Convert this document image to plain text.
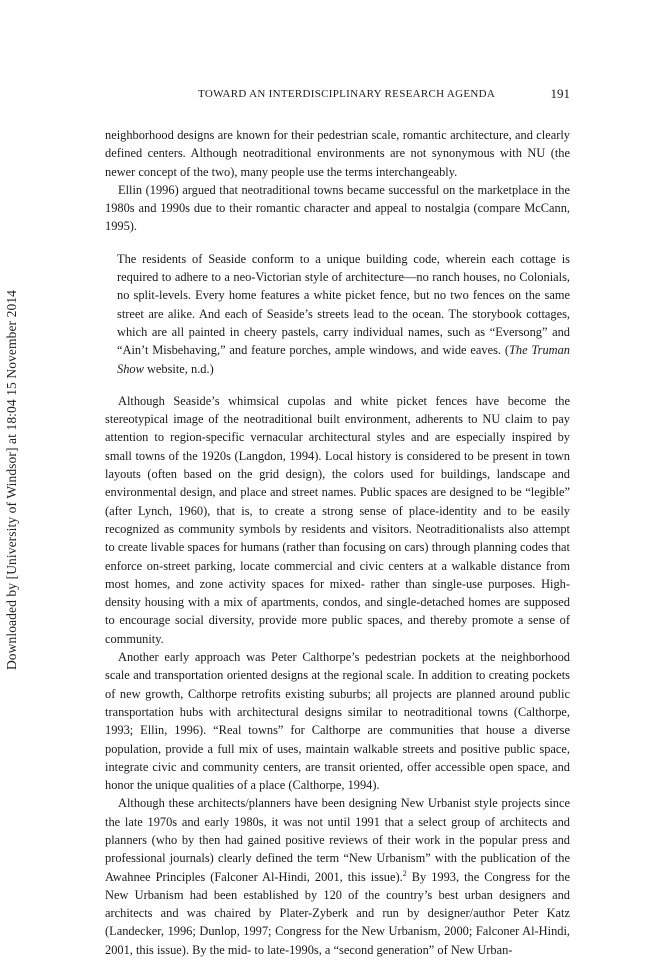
Downloaded by [University of Windsor] at 18:04 15 November 2014
TOWARD AN INTERDISCIPLINARY RESEARCH AGENDA	191

neighborhood designs are known for their pedestrian scale, romantic architecture, and clearly defined centers. Although neotraditional environments are not synonymous with NU (the newer concept of the two), many people use the terms interchangeably.

Ellin (1996) argued that neotraditional towns became successful on the marketplace in the 1980s and 1990s due to their romantic character and appeal to nostalgia (compare McCann, 1995).

The residents of Seaside conform to a unique building code, wherein each cottage is required to adhere to a neo-Victorian style of architecture—no ranch houses, no Colonials, no split-levels. Every home features a white picket fence, but no two fences on the same street are alike. And each of Seaside’s streets lead to the ocean. The storybook cottages, which are all painted in cheery pastels, carry individual names, such as “Eversong” and “Ain’t Misbehaving,” and feature porches, ample windows, and wide eaves. (The Truman Show website, n.d.)

Although Seaside’s whimsical cupolas and white picket fences have become the stereotypical image of the neotraditional built environment, adherents to NU claim to pay attention to region-specific vernacular architectural styles and are especially inspired by small towns of the 1920s (Langdon, 1994). Local history is considered to be present in town layouts (often based on the grid design), the colors used for buildings, landscape and environmental design, and place and street names. Public spaces are designed to be “legible” (after Lynch, 1960), that is, to create a strong sense of place-identity and to be easily recognized as community symbols by residents and visitors. Neotraditionalists also attempt to create livable spaces for humans (rather than focusing on cars) through planning codes that enforce on-street parking, locate commercial and civic centers at a walkable distance from most homes, and zone activity spaces for mixed- rather than single-use purposes. High-density housing with a mix of apartments, condos, and single-detached homes are supposed to encourage social diversity, provide more public spaces, and thereby promote a sense of community.

Another early approach was Peter Calthorpe’s pedestrian pockets at the neighborhood scale and transportation oriented designs at the regional scale. In addition to creating pockets of new growth, Calthorpe retrofits existing suburbs; all projects are planned around public transportation hubs with architectural designs similar to neotraditional towns (Calthorpe, 1993; Ellin, 1996). “Real towns” for Calthorpe are communities that house a diverse population, provide a full mix of uses, maintain walkable streets and positive public space, integrate civic and community centers, are transit oriented, offer accessible open space, and honor the unique qualities of a place (Calthorpe, 1994).

Although these architects/planners have been designing New Urbanist style projects since the late 1970s and early 1980s, it was not until 1991 that a select group of architects and planners (who by then had gained positive reviews of their work in the popular press and professional journals) clearly defined the term “New Urbanism” with the publication of the Awahnee Principles (Falconer Al-Hindi, 2001, this issue).$^2$ By 1993, the Congress for the New Urbanism had been established by 120 of the country’s best urban designers and architects and was chaired by Plater-Zyberk and run by designer/author Peter Katz (Landecker, 1996; Dunlop, 1997; Congress for the New Urbanism, 2000; Falconer Al-Hindi, 2001, this issue). By the mid- to late-1990s, a “second generation” of New Urban-
